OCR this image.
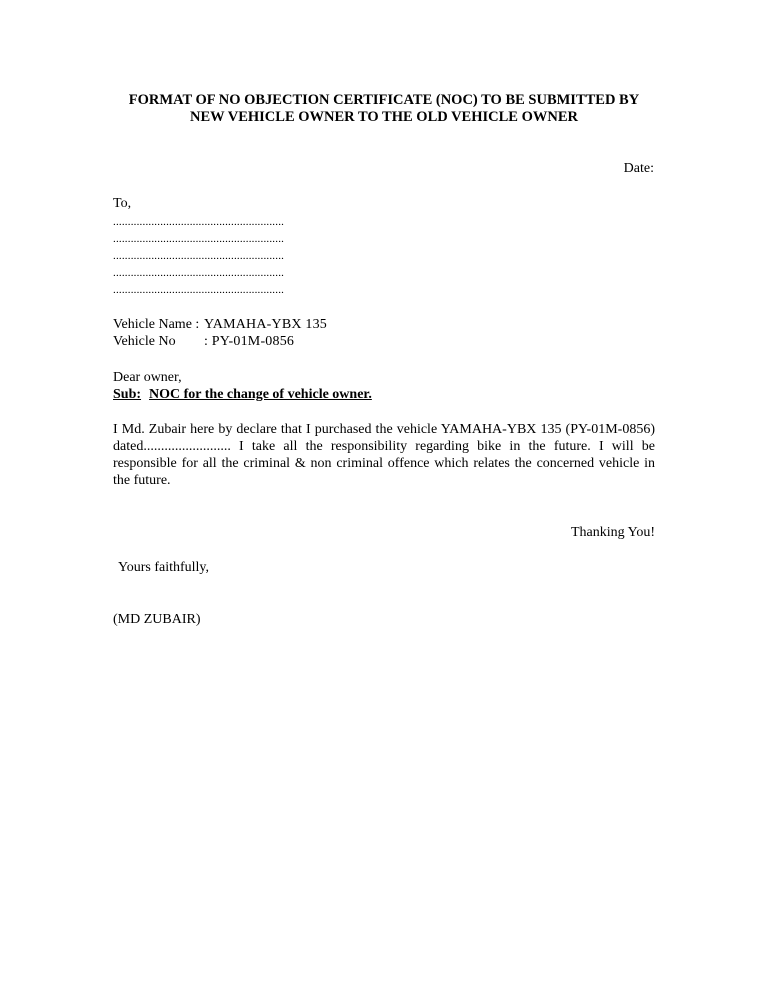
FORMAT OF NO OBJECTION CERTIFICATE (NOC) TO BE SUBMITTED BY
NEW VEHICLE OWNER TO THE OLD VEHICLE OWNER
Date:
To,
..........................................................
..........................................................
..........................................................
..........................................................
..........................................................
Vehicle Name : YAMAHA-YBX 135
Vehicle No : PY-01M-0856
Dear owner,
Sub: NOC for the change of vehicle owner.
I Md. Zubair here by declare that I purchased the vehicle YAMAHA-YBX 135 (PY-01M-0856) dated......................... I take all the responsibility regarding bike in the future. I will be responsible for all the criminal & non criminal offence which relates the concerned vehicle in the future.
Thanking You!
Yours faithfully,
(MD ZUBAIR)
